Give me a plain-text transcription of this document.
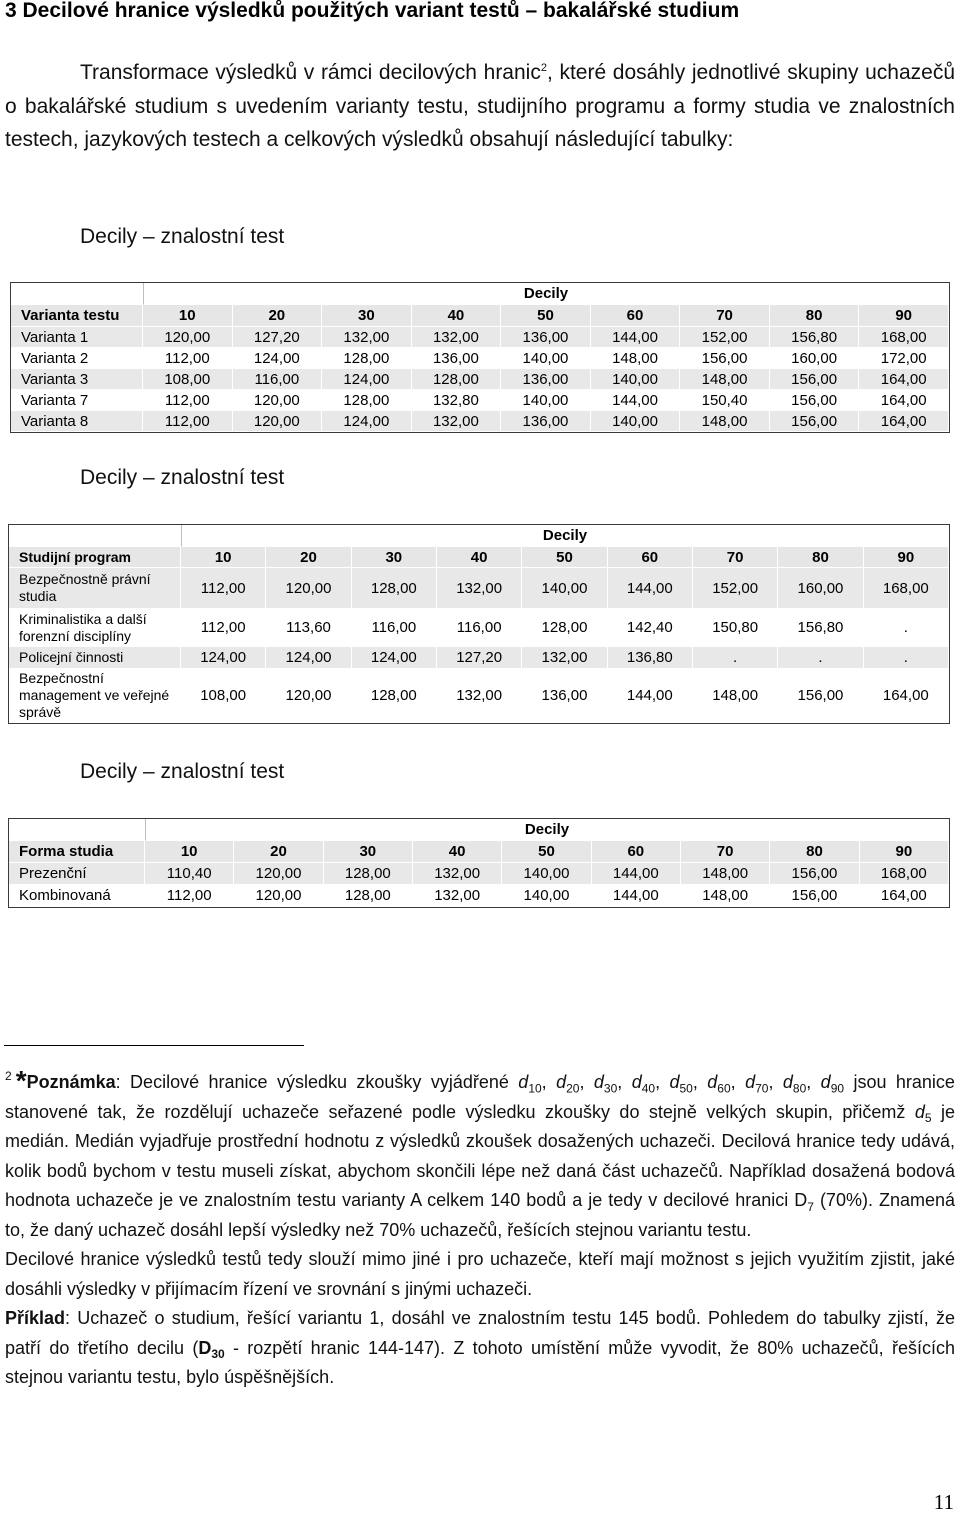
3 Decilové hranice výsledků použitých variant testů – bakalářské studium

Transformace výsledků v rámci decilových hranic$^2$, které dosáhly jednotlivé skupiny uchazečů o bakalářské studium s uvedením varianty testu, studijního programu a formy studia ve znalostních testech, jazykových testech a celkových výsledků obsahují následující tabulky:

Decily – znalostní test
	Decily								
Varianta testu	10	20	30	40	50	60	70	80	90
Varianta 1	120,00	127,20	132,00	132,00	136,00	144,00	152,00	156,80	168,00
Varianta 2	112,00	124,00	128,00	136,00	140,00	148,00	156,00	160,00	172,00
Varianta 3	108,00	116,00	124,00	128,00	136,00	140,00	148,00	156,00	164,00
Varianta 7	112,00	120,00	128,00	132,80	140,00	144,00	150,40	156,00	164,00
Varianta 8	112,00	120,00	124,00	132,00	136,00	140,00	148,00	156,00	164,00
Decily – znalostní test
	Decily								
Studijní program	10	20	30	40	50	60	70	80	90
Bezpečnostně právní studia	112,00	120,00	128,00	132,00	140,00	144,00	152,00	160,00	168,00
Kriminalistika a další forenzní disciplíny	112,00	113,60	116,00	116,00	128,00	142,40	150,80	156,80	.
Policejní činnosti	124,00	124,00	124,00	127,20	132,00	136,80	.	.	.
Bezpečnostní management ve veřejné správě	108,00	120,00	128,00	132,00	136,00	144,00	148,00	156,00	164,00
Decily – znalostní test
	Decily								
Forma studia	10	20	30	40	50	60	70	80	90
Prezenční	110,40	120,00	128,00	132,00	140,00	144,00	148,00	156,00	168,00
Kombinovaná	112,00	120,00	128,00	132,00	140,00	144,00	148,00	156,00	164,00

$^2$ *Poznámka: Decilové hranice výsledku zkoušky vyjádřené $d_{10}$, $d_{20}$, $d_{30}$, $d_{40}$, $d_{50}$, $d_{60}$, $d_{70}$, $d_{80}$, $d_{90}$ jsou hranice stanovené tak, že rozdělují uchazeče seřazené podle výsledku zkoušky do stejně velkých skupin, přičemž $d_5$ je medián. Medián vyjadřuje prostřední hodnotu z výsledků zkoušek dosažených uchazeči. Decilová hranice tedy udává, kolik bodů bychom v testu museli získat, abychom skončili lépe než daná část uchazečů. Například dosažená bodová hodnota uchazeče je ve znalostním testu varianty A celkem 140 bodů a je tedy v decilové hranici $D_7$ (70%). Znamená to, že daný uchazeč dosáhl lepší výsledky než 70% uchazečů, řešících stejnou variantu testu.

Decilové hranice výsledků testů tedy slouží mimo jiné i pro uchazeče, kteří mají možnost s jejich využitím zjistit, jaké dosáhli výsledky v přijímacím řízení ve srovnání s jinými uchazeči.

Příklad: Uchazeč o studium, řešící variantu 1, dosáhl ve znalostním testu 145 bodů. Pohledem do tabulky zjistí, že patří do třetího decilu ($D_{30}$ - rozpětí hranic 144-147). Z tohoto umístění může vyvodit, že 80% uchazečů, řešících stejnou variantu testu, bylo úspěšnějších.

11
